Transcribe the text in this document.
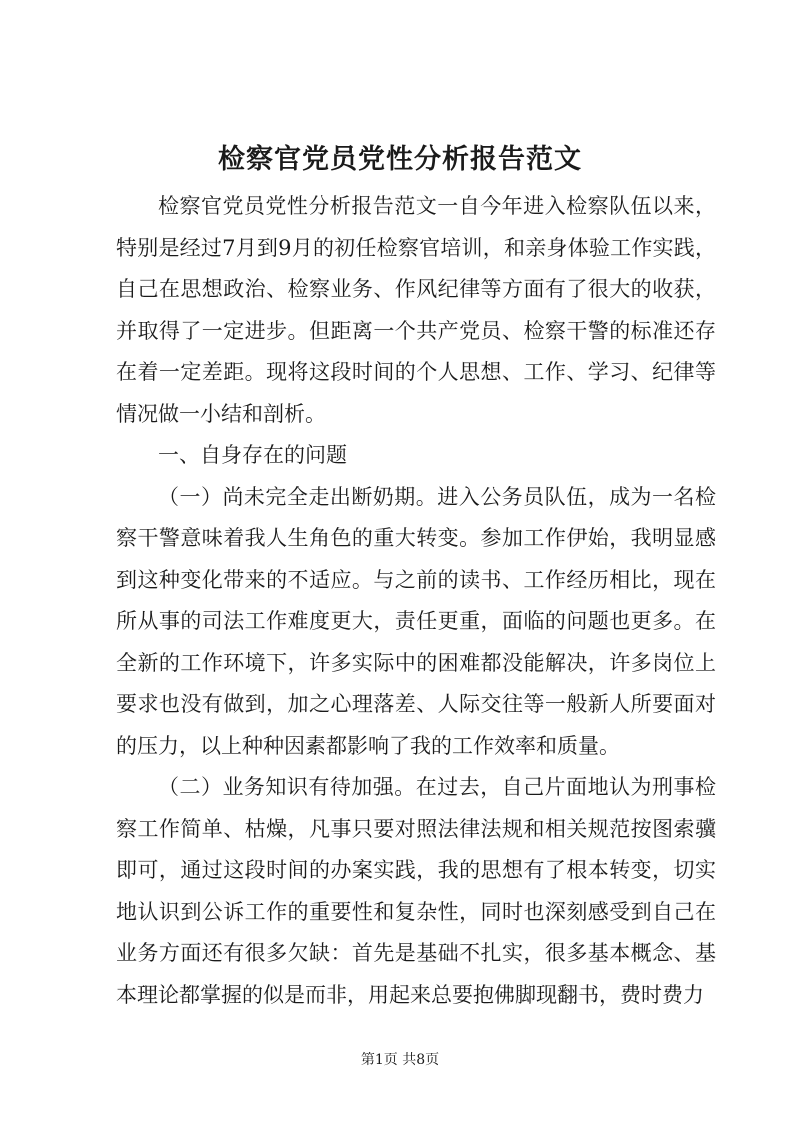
检察官党员党性分析报告范文

检察官党员党性分析报告范文一自今年进入检察队伍以来，特别是经过7月到9月的初任检察官培训，和亲身体验工作实践，自己在思想政治、检察业务、作风纪律等方面有了很大的收获，并取得了一定进步。但距离一个共产党员、检察干警的标准还存在着一定差距。现将这段时间的个人思想、工作、学习、纪律等情况做一小结和剖析。

一、自身存在的问题

（一）尚未完全走出断奶期。进入公务员队伍，成为一名检察干警意味着我人生角色的重大转变。参加工作伊始，我明显感到这种变化带来的不适应。与之前的读书、工作经历相比，现在所从事的司法工作难度更大，责任更重，面临的问题也更多。在全新的工作环境下，许多实际中的困难都没能解决，许多岗位上要求也没有做到，加之心理落差、人际交往等一般新人所要面对的压力，以上种种因素都影响了我的工作效率和质量。

（二）业务知识有待加强。在过去，自己片面地认为刑事检察工作简单、枯燥，凡事只要对照法律法规和相关规范按图索骥即可，通过这段时间的办案实践，我的思想有了根本转变，切实地认识到公诉工作的重要性和复杂性，同时也深刻感受到自己在业务方面还有很多欠缺：首先是基础不扎实，很多基本概念、基本理论都掌握的似是而非，用起来总要抱佛脚现翻书，费时费力

第1页 共8页
